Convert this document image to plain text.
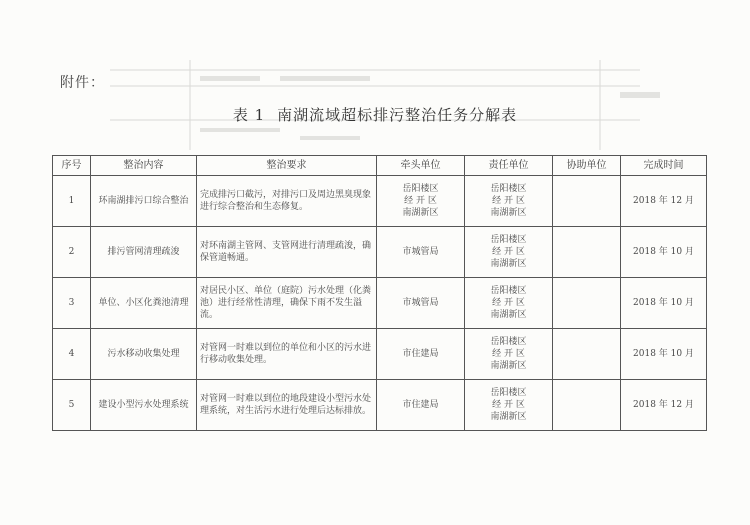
附件：
表 1 南湖流域超标排污整治任务分解表
序号	整治内容	整治要求	牵头单位	责任单位	协助单位	完成时间
1	环南湖排污口综合整治	完成排污口截污，对排污口及周边黑臭现象进行综合整治和生态修复。	岳阳楼区
经 开 区
南湖新区	岳阳楼区
经 开 区
南湖新区		2018 年 12 月
2	排污管网清理疏浚	对环南湖主管网、支管网进行清理疏浚，确保管道畅通。	市城管局	岳阳楼区
经 开 区
南湖新区		2018 年 10 月
3	单位、小区化粪池清理	对居民小区、单位（庭院）污水处理（化粪池）进行经常性清理，确保下雨不发生溢流。	市城管局	岳阳楼区
经 开 区
南湖新区		2018 年 10 月
4	污水移动收集处理	对管网一时难以到位的单位和小区的污水进行移动收集处理。	市住建局	岳阳楼区
经 开 区
南湖新区		2018 年 10 月
5	建设小型污水处理系统	对管网一时难以到位的地段建设小型污水处理系统，对生活污水进行处理后达标排放。	市住建局	岳阳楼区
经 开 区
南湖新区		2018 年 12 月
